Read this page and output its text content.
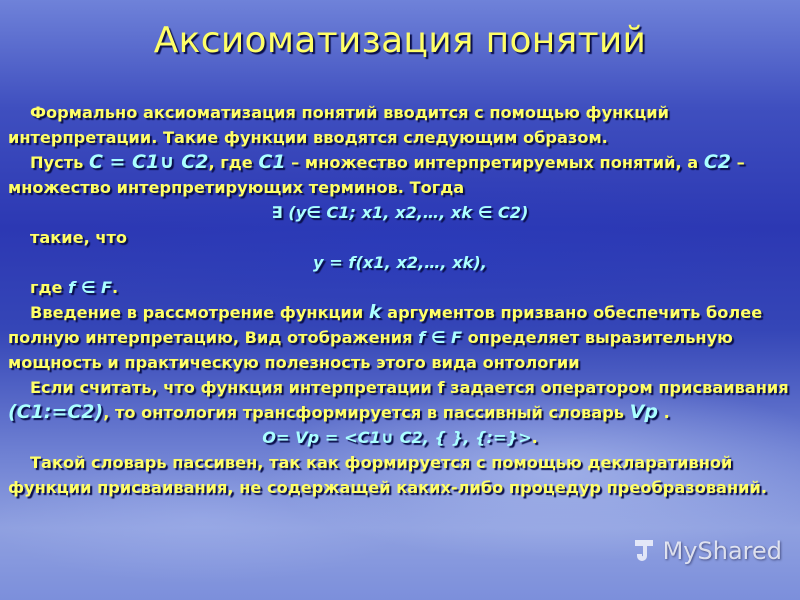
Аксиоматизация понятий

Формально аксиоматизация понятий вводится с помощью функций интерпретации. Такие функции вводятся следующим образом.

Пусть C = C1∪ C2, где C1 – множество интерпретируемых понятий, а C2 – множество интерпретирующих терминов. Тогда

∃ (y∈ C1; x1, x2,…, xk ∈ C2)

такие, что

y = f(x1, x2,…, xk),

где f ∈ F.

Введение в рассмотрение функции k аргументов призвано обеспечить более полную интерпретацию, Вид отображения f ∈ F определяет выразительную мощность и практическую полезность этого вида онтологии

Если считать, что функция интерпретации f задается оператором присваивания (C1:=C2), то онтология трансформируется в пассивный словарь Vp .

O= Vp = <C1∪ C2, { }, {:=}>.

Такой словарь пассивен, так как формируется с помощью декларативной функции присваивания, не содержащей каких-либо процедур преобразований.

MyShared
